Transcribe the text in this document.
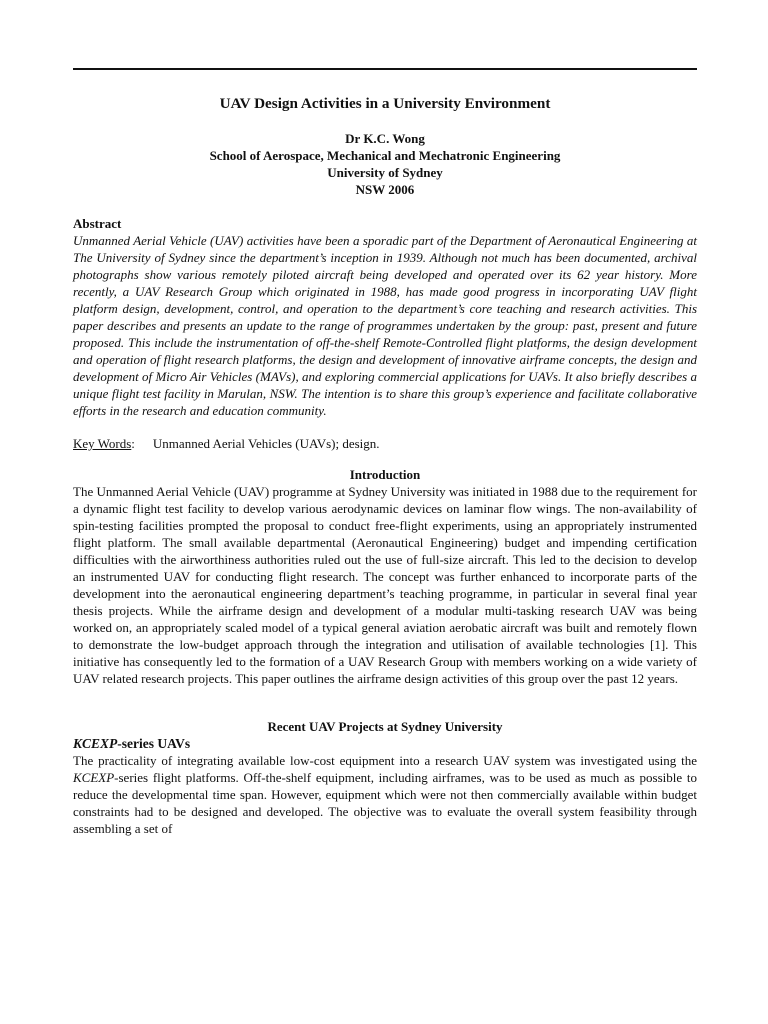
UAV Design Activities in a University Environment
Dr K.C. Wong
School of Aerospace, Mechanical and Mechatronic Engineering
University of Sydney
NSW 2006
Abstract

Unmanned Aerial Vehicle (UAV) activities have been a sporadic part of the Department of Aeronautical Engineering at The University of Sydney since the department’s inception in 1939. Although not much has been documented, archival photographs show various remotely piloted aircraft being developed and operated over its 62 year history. More recently, a UAV Research Group which originated in 1988, has made good progress in incorporating UAV flight platform design, development, control, and operation to the department’s core teaching and research activities. This paper describes and presents an update to the range of programmes undertaken by the group: past, present and future proposed. This include the instrumentation of off-the-shelf Remote-Controlled flight platforms, the design development and operation of flight research platforms, the design and development of innovative airframe concepts, the design and development of Micro Air Vehicles (MAVs), and exploring commercial applications for UAVs. It also briefly describes a unique flight test facility in Marulan, NSW. The intention is to share this group’s experience and facilitate collaborative efforts in the research and education community.

Key Words: Unmanned Aerial Vehicles (UAVs); design.
Introduction

The Unmanned Aerial Vehicle (UAV) programme at Sydney University was initiated in 1988 due to the requirement for a dynamic flight test facility to develop various aerodynamic devices on laminar flow wings. The non-availability of spin-testing facilities prompted the proposal to conduct free-flight experiments, using an appropriately instrumented flight platform. The small available departmental (Aeronautical Engineering) budget and impending certification difficulties with the airworthiness authorities ruled out the use of full-size aircraft. This led to the decision to develop an instrumented UAV for conducting flight research. The concept was further enhanced to incorporate parts of the development into the aeronautical engineering department’s teaching programme, in particular in several final year thesis projects. While the airframe design and development of a modular multi-tasking research UAV was being worked on, an appropriately scaled model of a typical general aviation aerobatic aircraft was built and remotely flown to demonstrate the low-budget approach through the integration and utilisation of available technologies [1]. This initiative has consequently led to the formation of a UAV Research Group with members working on a wide variety of UAV related research projects. This paper outlines the airframe design activities of this group over the past 12 years.

Recent UAV Projects at Sydney University
KCEXP-series UAVs

The practicality of integrating available low-cost equipment into a research UAV system was investigated using the KCEXP-series flight platforms. Off-the-shelf equipment, including airframes, was to be used as much as possible to reduce the developmental time span. However, equipment which were not then commercially available within budget constraints had to be designed and developed. The objective was to evaluate the overall system feasibility through assembling a set of
